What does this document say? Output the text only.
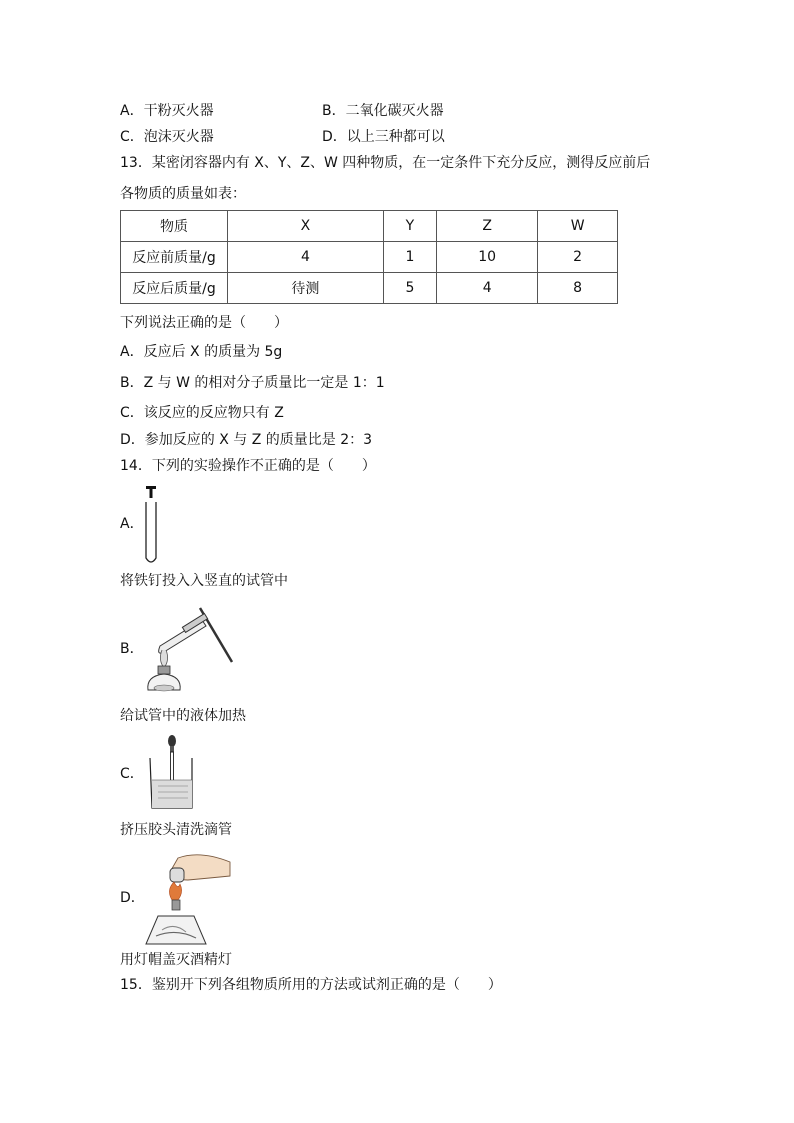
A．干粉灭火器	B．二氧化碳灭火器
C．泡沫灭火器	D．以上三种都可以
13．某密闭容器内有 X、Y、Z、W 四种物质，在一定条件下充分反应，测得反应前后
各物质的质量如表：
物质	X	Y	Z	W
反应前质量/g	4	1	10	2
反应后质量/g	待测	5	4	8
下列说法正确的是（　　）
A．反应后 X 的质量为 5g
B．Z 与 W 的相对分子质量比一定是 1：1
C．该反应的反应物只有 Z
D．参加反应的 X 与 Z 的质量比是 2：3
14．下列的实验操作不正确的是（　　）
A．
将铁钉投入入竖直的试管中
B．
给试管中的液体加热
C．
挤压胶头清洗滴管
D．
用灯帽盖灭酒精灯
15．鉴别开下列各组物质所用的方法或试剂正确的是（　　）
